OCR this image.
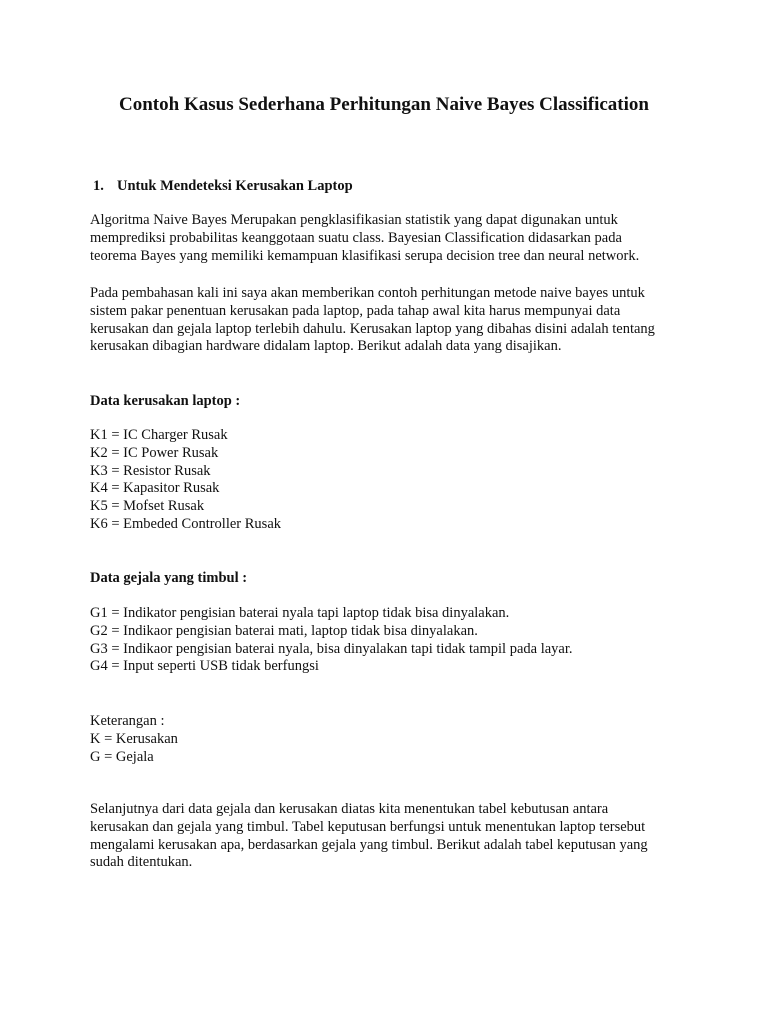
Contoh Kasus Sederhana Perhitungan Naive Bayes Classification
1. Untuk Mendeteksi Kerusakan Laptop

Algoritma Naive Bayes Merupakan pengklasifikasian statistik yang dapat digunakan untuk
memprediksi probabilitas keanggotaan suatu class. Bayesian Classification didasarkan pada
teorema Bayes yang memiliki kemampuan klasifikasi serupa decision tree dan neural network.

Pada pembahasan kali ini saya akan memberikan contoh perhitungan metode naive bayes untuk
sistem pakar penentuan kerusakan pada laptop, pada tahap awal kita harus mempunyai data
kerusakan dan gejala laptop terlebih dahulu. Kerusakan laptop yang dibahas disini adalah tentang
kerusakan dibagian hardware didalam laptop. Berikut adalah data yang disajikan.

Data kerusakan laptop :
K1 = IC Charger Rusak
K2 = IC Power Rusak
K3 = Resistor Rusak
K4 = Kapasitor Rusak
K5 = Mofset Rusak
K6 = Embeded Controller Rusak
Data gejala yang timbul :
G1 = Indikator pengisian baterai nyala tapi laptop tidak bisa dinyalakan.
G2 = Indikaor pengisian baterai mati, laptop tidak bisa dinyalakan.
G3 = Indikaor pengisian baterai nyala, bisa dinyalakan tapi tidak tampil pada layar.
G4 = Input seperti USB tidak berfungsi
Keterangan :
K = Kerusakan
G = Gejala

Selanjutnya dari data gejala dan kerusakan diatas kita menentukan tabel kebutusan antara
kerusakan dan gejala yang timbul. Tabel keputusan berfungsi untuk menentukan laptop tersebut
mengalami kerusakan apa, berdasarkan gejala yang timbul. Berikut adalah tabel keputusan yang
sudah ditentukan.
